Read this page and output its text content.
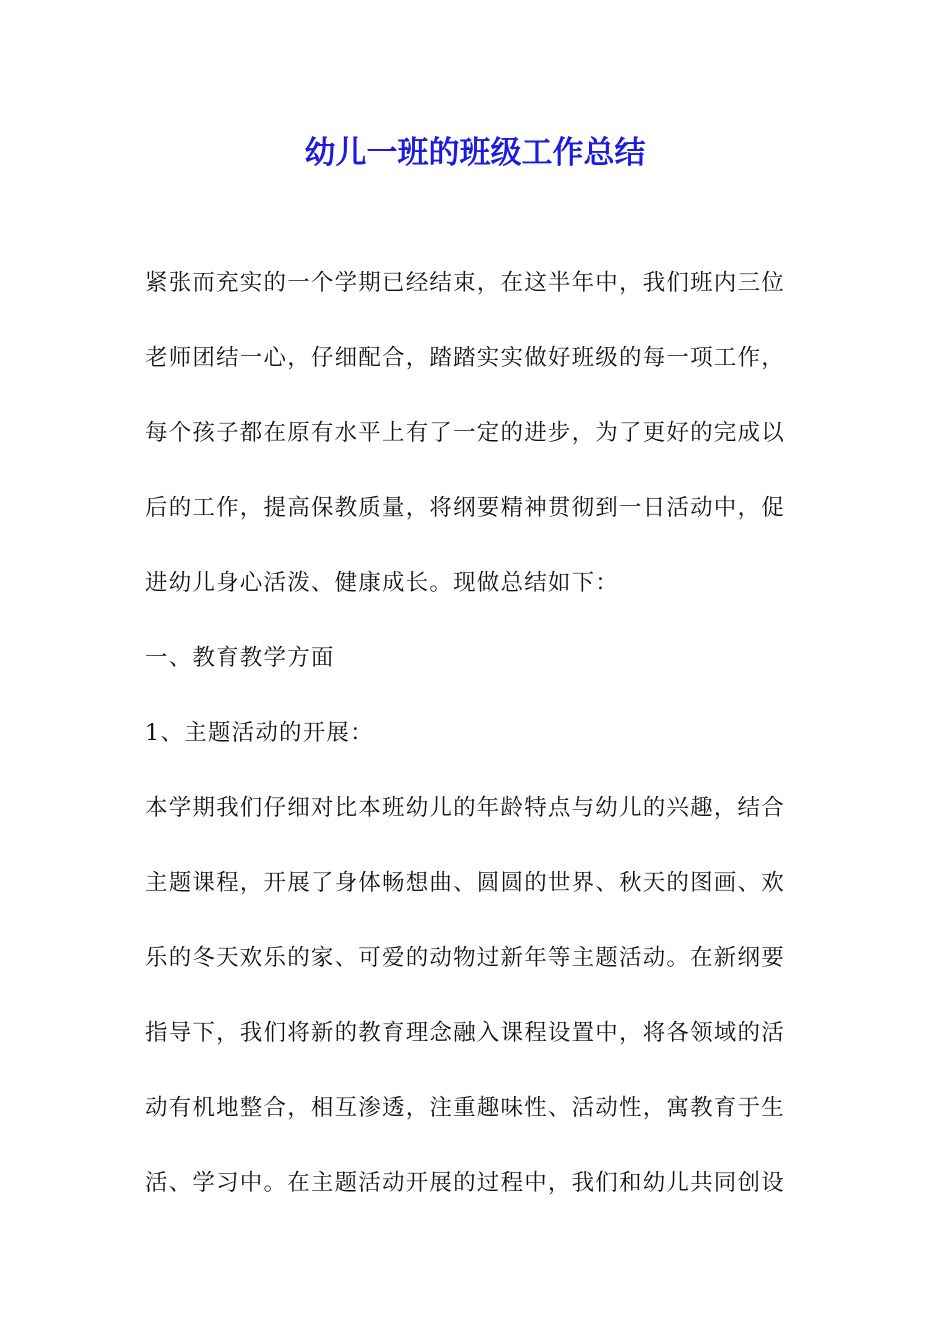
幼儿一班的班级工作总结
紧张而充实的一个学期已经结束，在这半年中，我们班内三位
老师团结一心，仔细配合，踏踏实实做好班级的每一项工作，
每个孩子都在原有水平上有了一定的进步，为了更好的完成以
后的工作，提高保教质量，将纲要精神贯彻到一日活动中，促
进幼儿身心活泼、健康成长。现做总结如下：
一、教育教学方面
1、主题活动的开展：
本学期我们仔细对比本班幼儿的年龄特点与幼儿的兴趣，结合
主题课程，开展了身体畅想曲、圆圆的世界、秋天的图画、欢
乐的冬天欢乐的家、可爱的动物过新年等主题活动。在新纲要
指导下，我们将新的教育理念融入课程设置中，将各领域的活
动有机地整合，相互渗透，注重趣味性、活动性，寓教育于生
活、学习中。在主题活动开展的过程中，我们和幼儿共同创设
